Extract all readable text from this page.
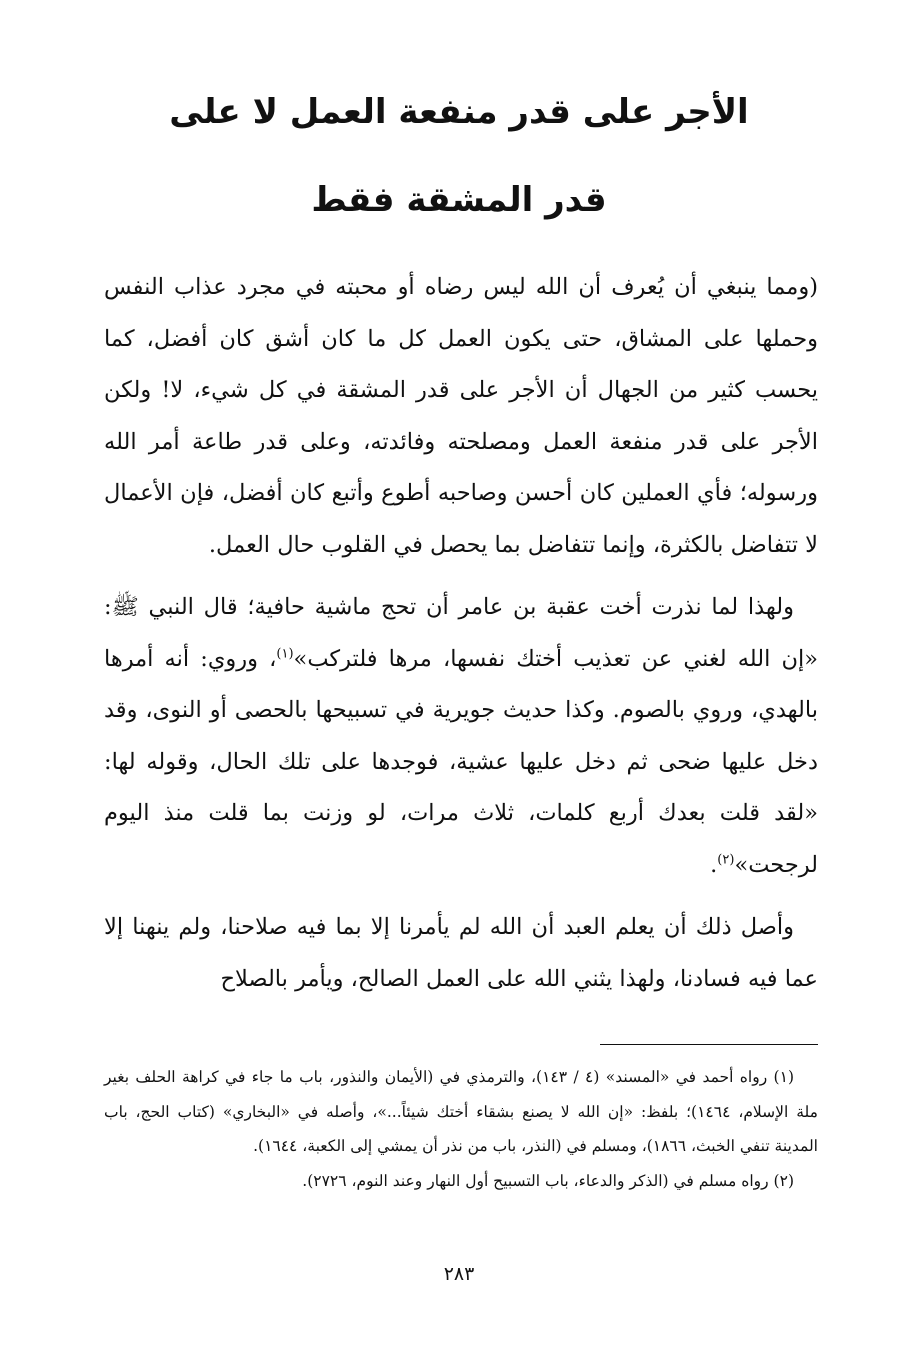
الأجر على قدر منفعة العمل لا على
قدر المشقة فقط

(ومما ينبغي أن يُعرف أن الله ليس رضاه أو محبته في مجرد عذاب النفس وحملها على المشاق، حتى يكون العمل كل ما كان أشق كان أفضل، كما يحسب كثير من الجهال أن الأجر على قدر المشقة في كل شيء، لا! ولكن الأجر على قدر منفعة العمل ومصلحته وفائدته، وعلى قدر طاعة أمر الله ورسوله؛ فأي العملين كان أحسن وصاحبه أطوع وأتبع كان أفضل، فإن الأعمال لا تتفاضل بالكثرة، وإنما تتفاضل بما يحصل في القلوب حال العمل.

ولهذا لما نذرت أخت عقبة بن عامر أن تحج ماشية حافية؛ قال النبي ﷺ: «إن الله لغني عن تعذيب أختك نفسها، مرها فلتركب»$^{(١)}$، وروي: أنه أمرها بالهدي، وروي بالصوم. وكذا حديث جويرية في تسبيحها بالحصى أو النوى، وقد دخل عليها ضحى ثم دخل عليها عشية، فوجدها على تلك الحال، وقوله لها: «لقد قلت بعدك أربع كلمات، ثلاث مرات، لو وزنت بما قلت منذ اليوم لرجحت»$^{(٢)}$.

وأصل ذلك أن يعلم العبد أن الله لم يأمرنا إلا بما فيه صلاحنا، ولم ينهنا إلا عما فيه فسادنا، ولهذا يثني الله على العمل الصالح، ويأمر بالصلاح

(١) رواه أحمد في «المسند» (٤ / ١٤٣)، والترمذي في (الأيمان والنذور، باب ما جاء في كراهة الحلف بغير ملة الإسلام، ١٤٦٤)؛ بلفظ: «إن الله لا يصنع بشقاء أختك شيئاً...»، وأصله في «البخاري» (كتاب الحج، باب المدينة تنفي الخبث، ١٨٦٦)، ومسلم في (النذر، باب من نذر أن يمشي إلى الكعبة، ١٦٤٤).

(٢) رواه مسلم في (الذكر والدعاء، باب التسبيح أول النهار وعند النوم، ٢٧٢٦).

٢٨٣
